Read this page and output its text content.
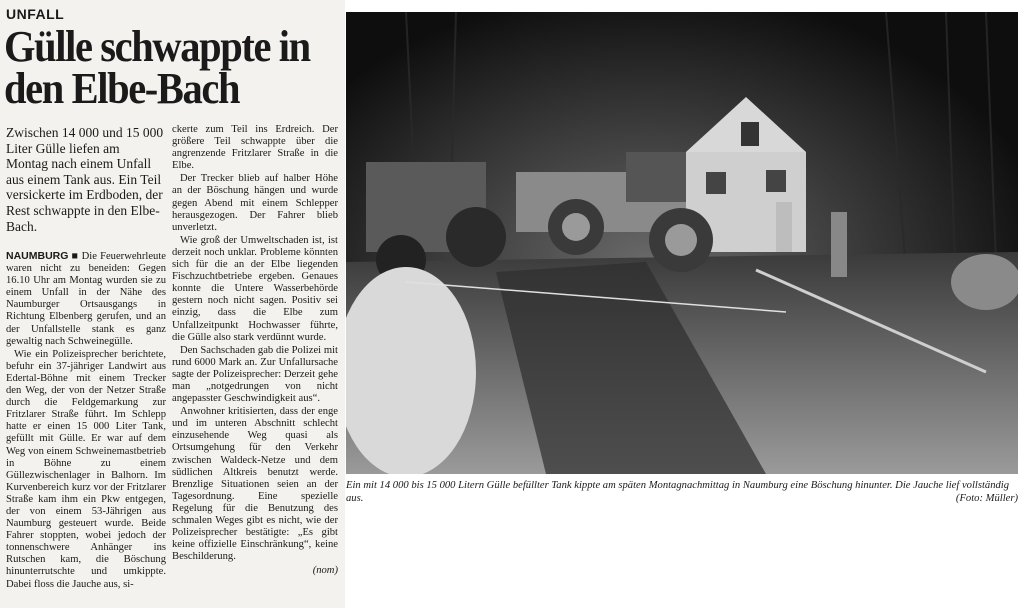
UNFALL
Gülle schwappte in den Elbe-Bach
Zwischen 14 000 und 15 000 Liter Gülle liefen am Montag nach einem Unfall aus einem Tank aus. Ein Teil versickerte im Erdboden, der Rest schwappte in den Elbe-Bach.

NAUMBURG ■ Die Feuerwehrleute waren nicht zu beneiden: Gegen 16.10 Uhr am Montag wurden sie zu einem Unfall in der Nähe des Naumburger Ortsausgangs in Richtung Elbenberg gerufen, und an der Unfallstelle stank es ganz gewaltig nach Schweinegülle.

Wie ein Polizeisprecher berichtete, befuhr ein 37-jähriger Landwirt aus Edertal-Böhne mit einem Trecker den Weg, der von der Netzer Straße durch die Feldgemarkung zur Fritzlarer Straße führt. Im Schlepp hatte er einen 15 000 Liter Tank, gefüllt mit Gülle. Er war auf dem Weg von einem Schweinemastbetrieb in Böhne zu einem Güllezwischenlager in Balhorn. Im Kurvenbereich kurz vor der Fritzlarer Straße kam ihm ein Pkw entgegen, der von einem 53-Jährigen aus Naumburg gesteuert wurde. Beide Fahrer stoppten, wobei jedoch der tonnenschwere Anhänger ins Rutschen kam, die Böschung hinunterrutschte und umkippte. Dabei floss die Jauche aus, si-

ckerte zum Teil ins Erdreich. Der größere Teil schwappte über die angrenzende Fritzlarer Straße in die Elbe.

Der Trecker blieb auf halber Höhe an der Böschung hängen und wurde gegen Abend mit einem Schlepper herausgezogen. Der Fahrer blieb unverletzt.

Wie groß der Umweltschaden ist, ist derzeit noch unklar. Probleme könnten sich für die an der Elbe liegenden Fischzuchtbetriebe ergeben. Genaues konnte die Untere Wasserbehörde gestern noch nicht sagen. Positiv sei einzig, dass die Elbe zum Unfallzeitpunkt Hochwasser führte, die Gülle also stark verdünnt wurde.

Den Sachschaden gab die Polizei mit rund 6000 Mark an. Zur Unfallursache sagte der Polizeisprecher: Derzeit gehe man „notgedrungen von nicht angepasster Geschwindigkeit aus“.

Anwohner kritisierten, dass der enge und im unteren Abschnitt schlecht einzusehende Weg quasi als Ortsumgehung für den Verkehr zwischen Waldeck-Netze und dem südlichen Altkreis benutzt werde. Brenzlige Situationen seien an der Tagesordnung. Eine spezielle Regelung für die Benutzung des schmalen Weges gibt es nicht, wie der Polizeisprecher bestätigte: „Es gibt keine offizielle Einschränkung“, keine Beschilderung.

(nom)
Ein mit 14 000 bis 15 000 Litern Gülle befüllter Tank kippte am späten Montagnachmittag in Naumburg eine Böschung hinunter. Die Jauche lief vollständig aus.	(Foto: Müller)
